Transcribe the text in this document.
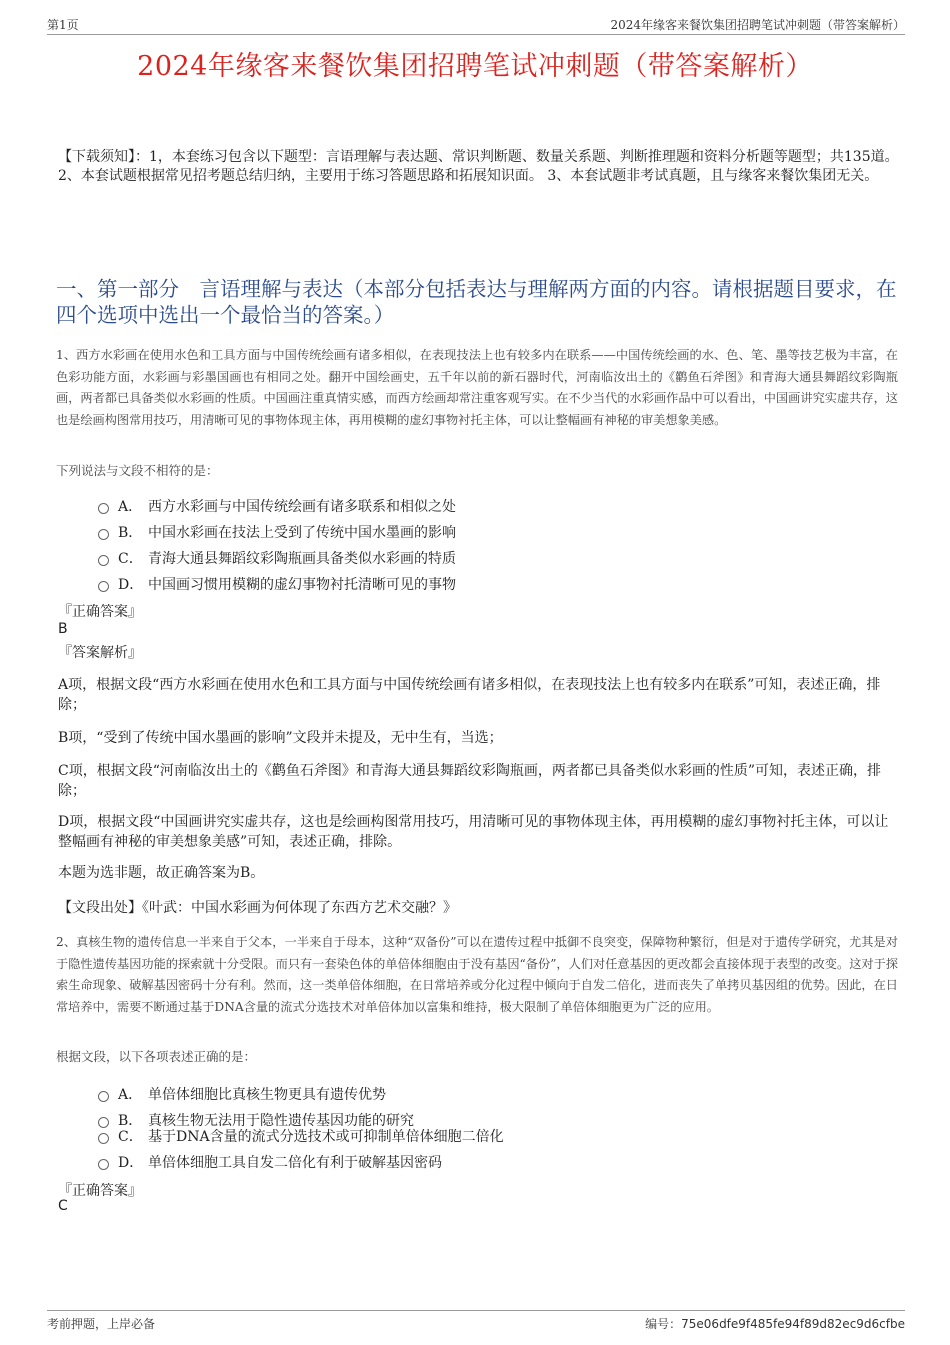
第1页	2024年缘客来餐饮集团招聘笔试冲刺题（带答案解析）
2024年缘客来餐饮集团招聘笔试冲刺题（带答案解析）
【下载须知】：1，本套练习包含以下题型：言语理解与表达题、常识判断题、数量关系题、判断推理题和资料分析题等题型；共135道。 2、本套试题根据常见招考题总结归纳，主要用于练习答题思路和拓展知识面。 3、本套试题非考试真题，且与缘客来餐饮集团无关。
一、第一部分　言语理解与表达（本部分包括表达与理解两方面的内容。请根据题目要求，在四个选项中选出一个最恰当的答案。）
1、西方水彩画在使用水色和工具方面与中国传统绘画有诸多相似，在表现技法上也有较多内在联系——中国传统绘画的水、色、笔、墨等技艺极为丰富，在色彩功能方面，水彩画与彩墨国画也有相同之处。翻开中国绘画史，五千年以前的新石器时代，河南临汝出土的《鹳鱼石斧图》和青海大通县舞蹈纹彩陶瓶画，两者都已具备类似水彩画的性质。中国画注重真情实感，而西方绘画却常注重客观写实。在不少当代的水彩画作品中可以看出，中国画讲究实虚共存，这也是绘画构图常用技巧，用清晰可见的事物体现主体，再用模糊的虚幻事物衬托主体，可以让整幅画有神秘的审美想象美感。
下列说法与文段不相符的是：
A． 西方水彩画与中国传统绘画有诸多联系和相似之处
B． 中国水彩画在技法上受到了传统中国水墨画的影响
C． 青海大通县舞蹈纹彩陶瓶画具备类似水彩画的特质
D． 中国画习惯用模糊的虚幻事物衬托清晰可见的事物
『正确答案』
B
『答案解析』
A项，根据文段“西方水彩画在使用水色和工具方面与中国传统绘画有诸多相似，在表现技法上也有较多内在联系”可知，表述正确，排除；
B项，“受到了传统中国水墨画的影响”文段并未提及，无中生有，当选；
C项，根据文段“河南临汝出土的《鹳鱼石斧图》和青海大通县舞蹈纹彩陶瓶画，两者都已具备类似水彩画的性质”可知，表述正确，排除；
D项，根据文段“中国画讲究实虚共存，这也是绘画构图常用技巧，用清晰可见的事物体现主体，再用模糊的虚幻事物衬托主体，可以让整幅画有神秘的审美想象美感”可知，表述正确，排除。
本题为选非题，故正确答案为B。
【文段出处】《叶武：中国水彩画为何体现了东西方艺术交融？》
2、真核生物的遗传信息一半来自于父本，一半来自于母本，这种“双备份”可以在遗传过程中抵御不良突变，保障物种繁衍，但是对于遗传学研究，尤其是对于隐性遗传基因功能的探索就十分受限。而只有一套染色体的单倍体细胞由于没有基因“备份”，人们对任意基因的更改都会直接体现于表型的改变。这对于探索生命现象、破解基因密码十分有利。然而，这一类单倍体细胞，在日常培养或分化过程中倾向于自发二倍化，进而丧失了单拷贝基因组的优势。因此，在日常培养中，需要不断通过基于DNA含量的流式分选技术对单倍体加以富集和维持，极大限制了单倍体细胞更为广泛的应用。
根据文段，以下各项表述正确的是：
A． 单倍体细胞比真核生物更具有遗传优势
B． 真核生物无法用于隐性遗传基因功能的研究
C． 基于DNA含量的流式分选技术或可抑制单倍体细胞二倍化
D． 单倍体细胞工具自发二倍化有利于破解基因密码
『正确答案』
C
考前押题，上岸必备	编号：75e06dfe9f485fe94f89d82ec9d6cfbe
